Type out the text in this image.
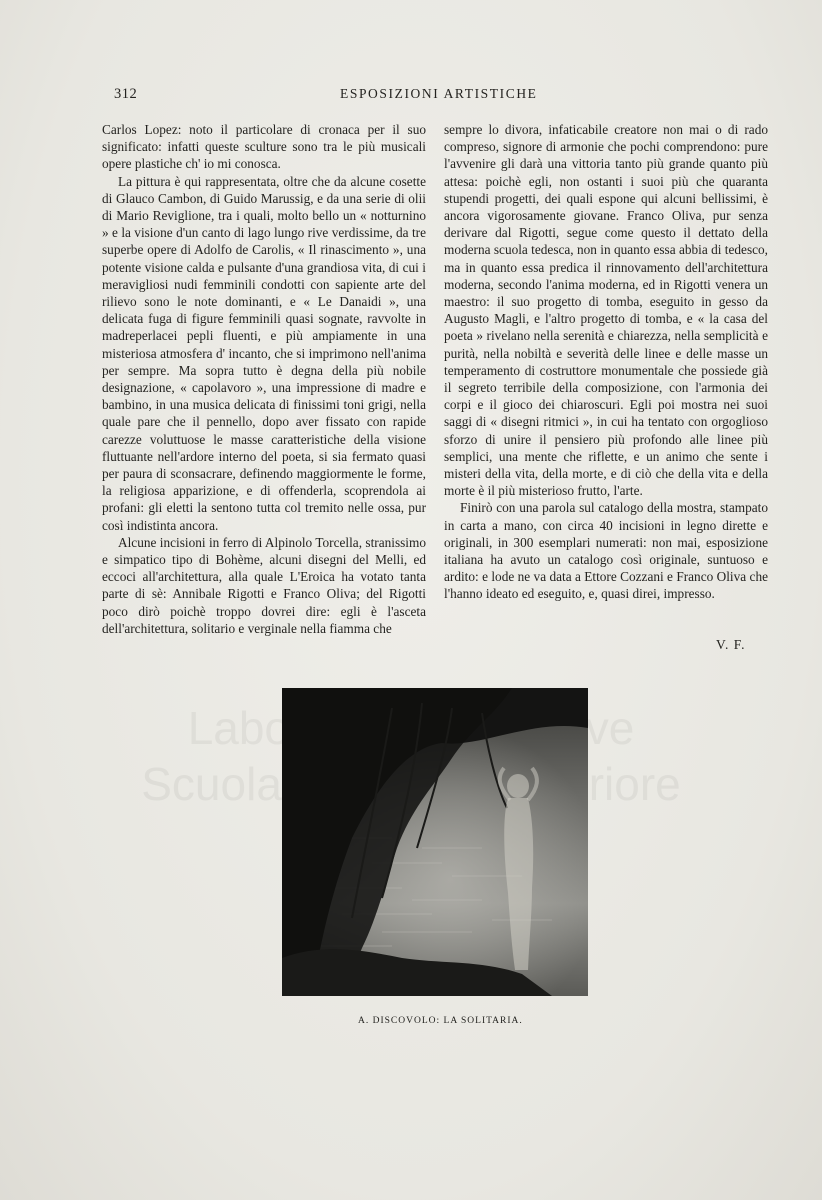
312	ESPOSIZIONI ARTISTICHE

Carlos Lopez: noto il particolare di cronaca per il suo significato: infatti queste sculture sono tra le più musicali opere plastiche ch' io mi conosca.

La pittura è qui rappresentata, oltre che da alcune cosette di Glauco Cambon, di Guido Marussig, e da una serie di olii di Mario Reviglione, tra i quali, molto bello un « notturnino » e la visione d'un canto di lago lungo rive verdissime, da tre superbe opere di Adolfo de Carolis, « Il rinascimento », una potente visione calda e pulsante d'una grandiosa vita, di cui i meravigliosi nudi femminili condotti con sapiente arte del rilievo sono le note dominanti, e « Le Danaidi », una delicata fuga di figure femminili quasi sognate, ravvolte in madreperlacei pepli fluenti, e più ampiamente in una misteriosa atmosfera d' incanto, che si imprimono nell'anima per sempre. Ma sopra tutto è degna della più nobile designazione, « capolavoro », una impressione di madre e bambino, in una musica delicata di finissimi toni grigi, nella quale pare che il pennello, dopo aver fissato con rapide carezze voluttuose le masse caratteristiche della visione fluttuante nell'ardore interno del poeta, si sia fermato quasi per paura di sconsacrare, definendo maggiormente le forme, la religiosa apparizione, e di offenderla, scoprendola ai profani: gli eletti la sentono tutta col tremito nelle ossa, pur così indistinta ancora.

Alcune incisioni in ferro di Alpinolo Torcella, stranissimo e simpatico tipo di Bohème, alcuni disegni del Melli, ed eccoci all'architettura, alla quale L'Eroica ha votato tanta parte di sè: Annibale Rigotti e Franco Oliva; del Rigotti poco dirò poichè troppo dovrei dire: egli è l'asceta dell'architettura, solitario e verginale nella fiamma che

sempre lo divora, infaticabile creatore non mai o di rado compreso, signore di armonie che pochi comprendono: pure l'avvenire gli darà una vittoria tanto più grande quanto più attesa: poichè egli, non ostanti i suoi più che quaranta stupendi progetti, dei quali espone qui alcuni bellissimi, è ancora vigorosamente giovane. Franco Oliva, pur senza derivare dal Rigotti, segue come questo il dettato della moderna scuola tedesca, non in quanto essa abbia di tedesco, ma in quanto essa predica il rinnovamento dell'architettura moderna, secondo l'anima moderna, ed in Rigotti venera un maestro: il suo progetto di tomba, eseguito in gesso da Augusto Magli, e l'altro progetto di tomba, e « la casa del poeta » rivelano nella serenità e chiarezza, nella semplicità e purità, nella nobiltà e severità delle linee e delle masse un temperamento di costruttore monumentale che possiede già il segreto terribile della composizione, con l'armonia dei corpi e il gioco dei chiaroscuri. Egli poi mostra nei suoi saggi di « disegni ritmici », in cui ha tentato con orgoglioso sforzo di unire il pensiero più profondo alle linee più semplici, una mente che riflette, e un animo che sente i misteri della vita, della morte, e di ciò che della vita e della morte è il più misterioso frutto, l'arte.

Finirò con una parola sul catalogo della mostra, stampato in carta a mano, con circa 40 incisioni in legno dirette e originali, in 300 esemplari numerati: non mai, esposizione italiana ha avuto un catalogo così originale, suntuoso e ardito: e lode ne va data a Ettore Cozzani e Franco Oliva che l'hanno ideato ed eseguito, e, quasi direi, impresso.

V. F.
Scuola
A. DISCOVOLO: LA SOLITARIA.
